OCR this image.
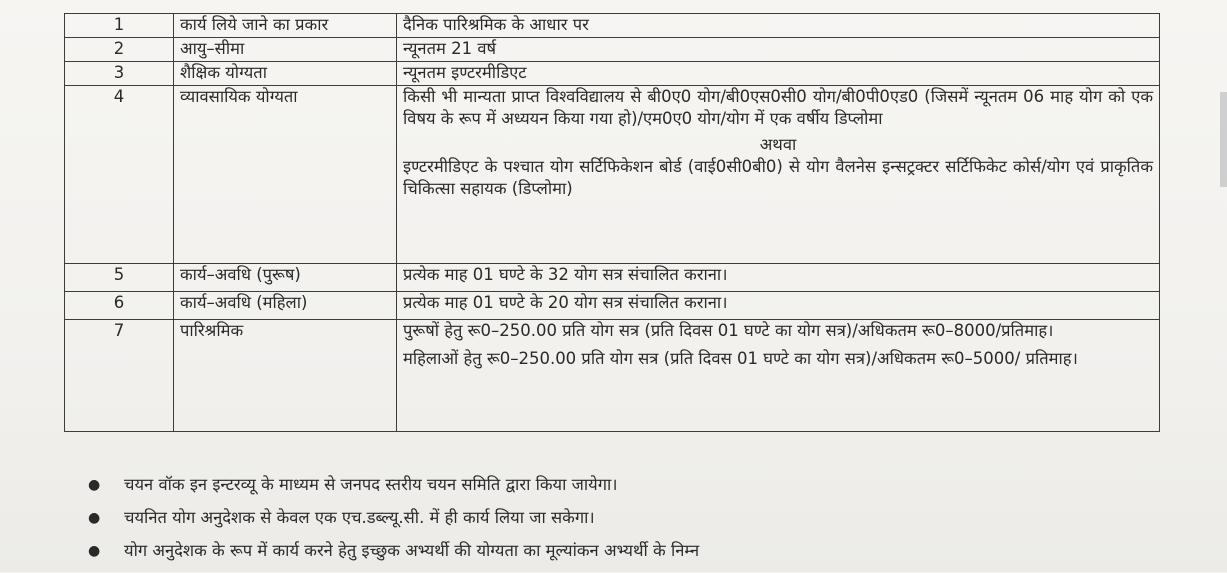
1	कार्य लिये जाने का प्रकार	दैनिक पारिश्रमिक के आधार पर
2	आयु–सीमा	न्यूनतम 21 वर्ष
3	शैक्षिक योग्यता	न्यूनतम इण्टरमीडिएट
4	व्यावसायिक योग्यता	किसी भी मान्यता प्राप्त विश्वविद्यालय से बी0ए0 योग/बी0एस0सी0 योग/बी0पी0एड0 (जिसमें न्यूनतम 06 माह योग को एक विषय के रूप में अध्ययन किया गया हो)/एम0ए0 योग/योग में एक वर्षीय डिप्लोमा

अथवा

इण्टरमीडिएट के पश्चात योग सर्टिफिकेशन बोर्ड (वाई0सी0बी0) से योग वैलनेस इन्सट्रक्टर सर्टिफिकेट कोर्स/योग एवं प्राकृतिक चिकित्सा सहायक (डिप्लोमा)

5	कार्य–अवधि (पुरूष)	प्रत्येक माह 01 घण्टे के 32 योग सत्र संचालित कराना।
6	कार्य–अवधि (महिला)	प्रत्येक माह 01 घण्टे के 20 योग सत्र संचालित कराना।
7	पारिश्रमिक	पुरूषों हेतु रू0–250.00 प्रति योग सत्र (प्रति दिवस 01 घण्टे का योग सत्र)/अधिकतम रू0–8000/प्रतिमाह।

महिलाओं हेतु रू0–250.00 प्रति योग सत्र (प्रति दिवस 01 घण्टे का योग सत्र)/अधिकतम रू0–5000/ प्रतिमाह।

●	चयन वॉक इन इन्टरव्यू के माध्यम से जनपद स्तरीय चयन समिति द्वारा किया जायेगा।
●	चयनित योग अनुदेशक से केवल एक एच.डब्ल्यू.सी. में ही कार्य लिया जा सकेगा।
●	योग अनुदेशक के रूप में कार्य करने हेतु इच्छुक अभ्यर्थी की योग्यता का मूल्यांकन अभ्यर्थी के निम्न
